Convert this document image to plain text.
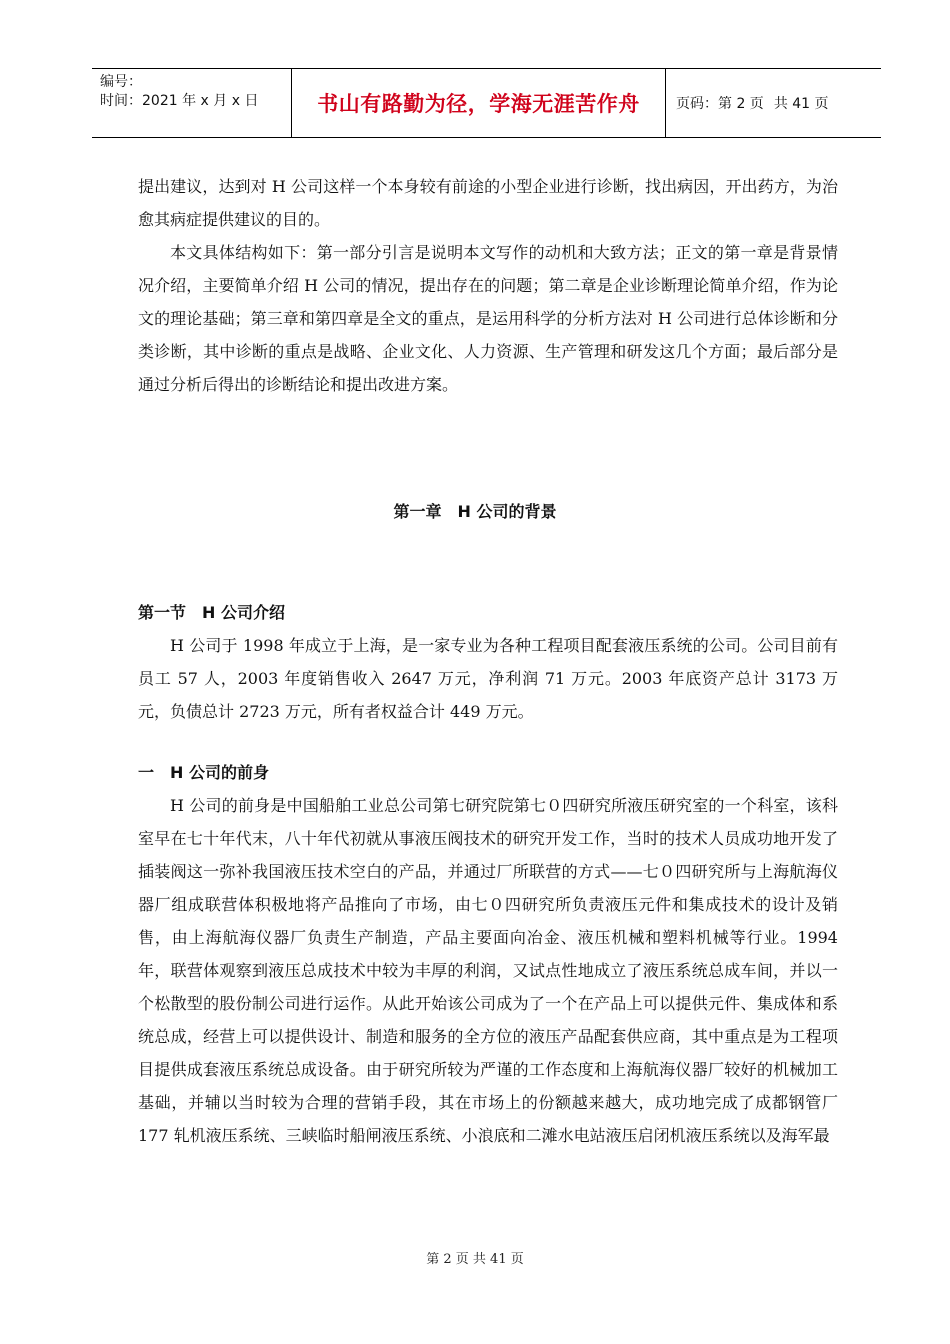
编号：
时间：2021 年 x 月 x 日	书山有路勤为径，学海无涯苦作舟	页码：第 2 页 共 41 页

提出建议，达到对 H 公司这样一个本身较有前途的小型企业进行诊断，找出病因，开出药方，为治愈其病症提供建议的目的。

本文具体结构如下：第一部分引言是说明本文写作的动机和大致方法；正文的第一章是背景情况介绍，主要简单介绍 H 公司的情况，提出存在的问题；第二章是企业诊断理论简单介绍，作为论文的理论基础；第三章和第四章是全文的重点，是运用科学的分析方法对 H 公司进行总体诊断和分类诊断，其中诊断的重点是战略、企业文化、人力资源、生产管理和研发这几个方面；最后部分是通过分析后得出的诊断结论和提出改进方案。

第一章　H 公司的背景
第一节　H 公司介绍

H 公司于 1998 年成立于上海，是一家专业为各种工程项目配套液压系统的公司。公司目前有员工 57 人，2003 年度销售收入 2647 万元，净利润 71 万元。2003 年底资产总计 3173 万元，负债总计 2723 万元，所有者权益合计 449 万元。

一　H 公司的前身

H 公司的前身是中国船舶工业总公司第七研究院第七０四研究所液压研究室的一个科室，该科室早在七十年代末，八十年代初就从事液压阀技术的研究开发工作，当时的技术人员成功地开发了插装阀这一弥补我国液压技术空白的产品，并通过厂所联营的方式——七０四研究所与上海航海仪器厂组成联营体积极地将产品推向了市场，由七０四研究所负责液压元件和集成技术的设计及销售，由上海航海仪器厂负责生产制造，产品主要面向冶金、液压机械和塑料机械等行业。1994 年，联营体观察到液压总成技术中较为丰厚的利润，又试点性地成立了液压系统总成车间，并以一个松散型的股份制公司进行运作。从此开始该公司成为了一个在产品上可以提供元件、集成体和系统总成，经营上可以提供设计、制造和服务的全方位的液压产品配套供应商，其中重点是为工程项目提供成套液压系统总成设备。由于研究所较为严谨的工作态度和上海航海仪器厂较好的机械加工基础，并辅以当时较为合理的营销手段，其在市场上的份额越来越大，成功地完成了成都钢管厂 177 轧机液压系统、三峡临时船闸液压系统、小浪底和二滩水电站液压启闭机液压系统以及海军最

第 2 页 共 41 页
